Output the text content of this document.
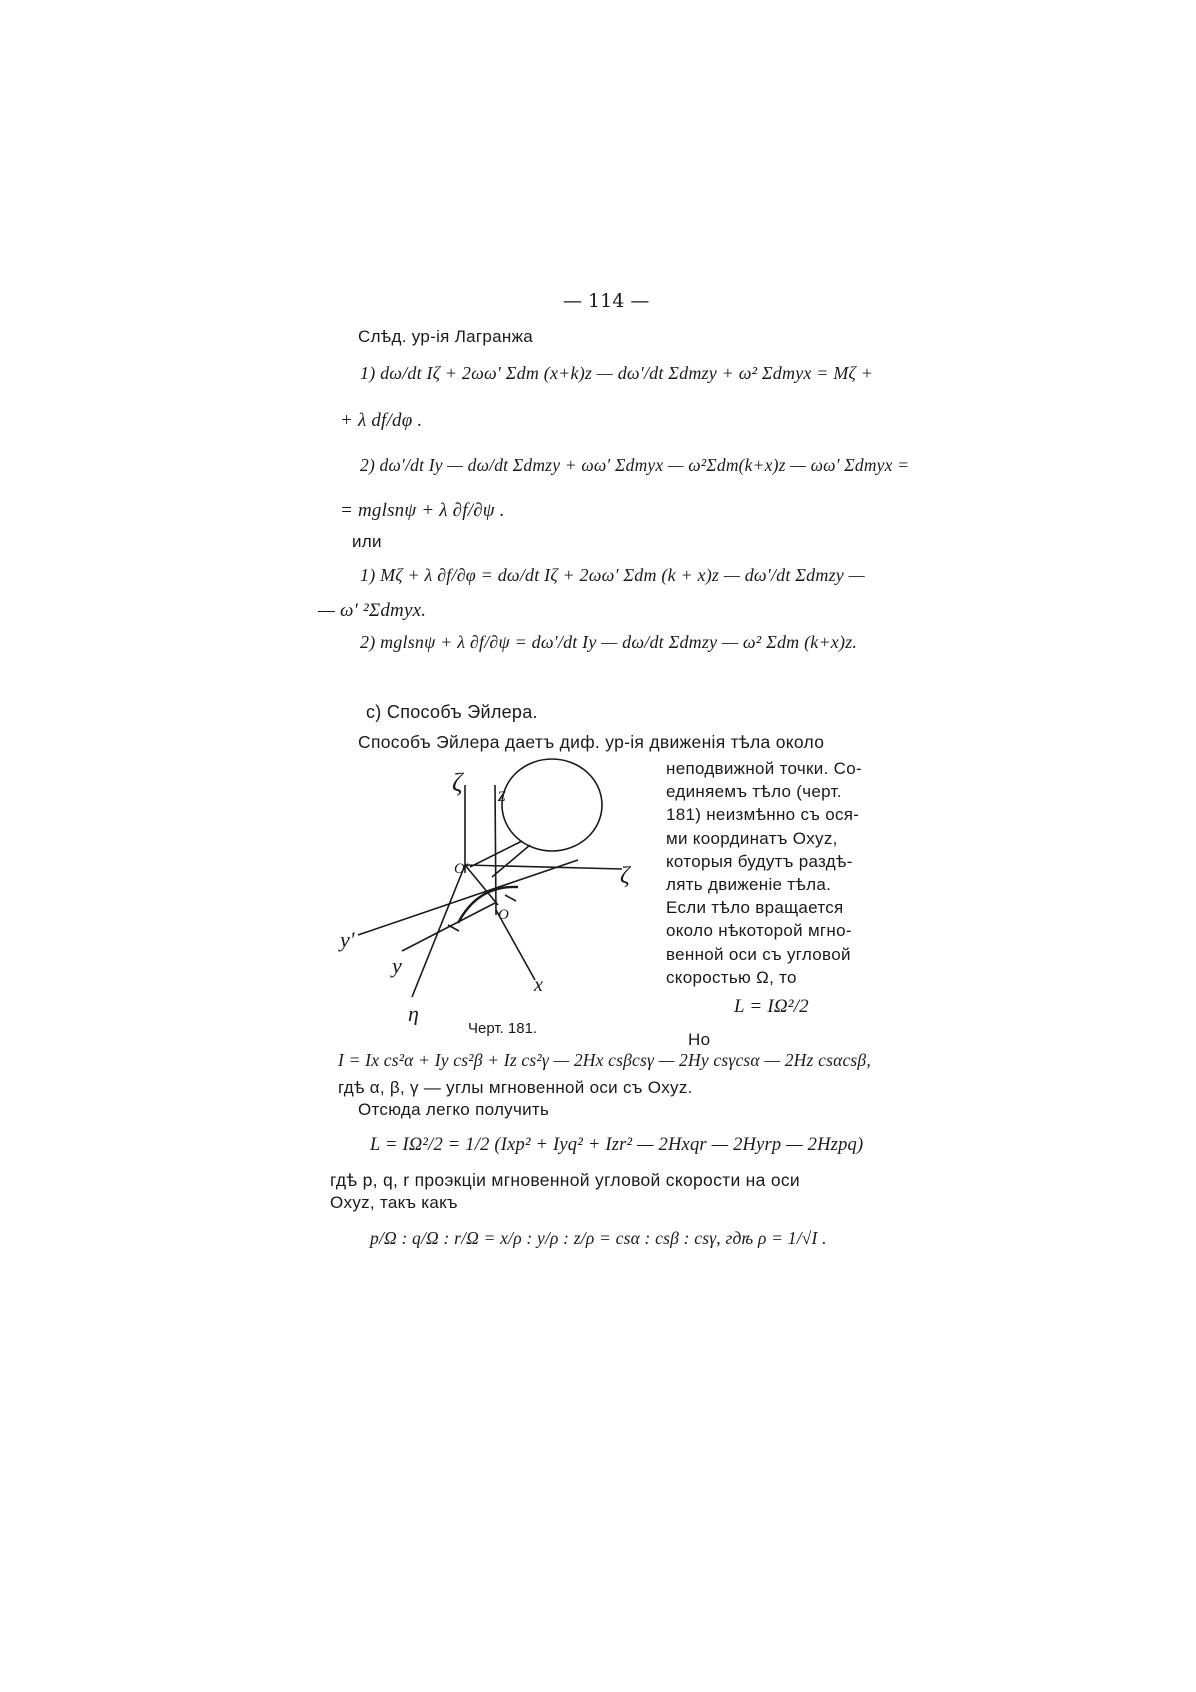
— 114 —
Слѣд. ур-iя Лагранжа
1) dω/dt Iζ + 2ωω′ Σdm (x+k)z — dω′/dt Σdmzy + ω² Σdmyx = Mζ +
+ λ df/dφ .
2) dω′/dt Iy — dω/dt Σdmzy + ωω′ Σdmyx — ω²Σdm(k+x)z — ωω′ Σdmyx =
= mglsnψ + λ ∂f/∂ψ .
или
1) Mζ + λ ∂f/∂φ = dω/dt Iζ + 2ωω′ Σdm (k + x)z — dω′/dt Σdmzy —
— ω′ ²Σdmyx.
2) mglsnψ + λ ∂f/∂ψ = dω′/dt Iy — dω/dt Σdmzy — ω² Σdm (k+x)z.
с) Способъ Эйлера.
Способъ Эйлера даетъ диф. ур-iя движенiя тѣла около
неподвижной точки. Со-
единяемъ тѣло (черт.
181) неизмѣнно съ ося-
ми координатъ Oxyz,
которыя будутъ раздѣ-
лять движенiе тѣла.
Если тѣло вращается
около нѣкоторой мгно-
венной оси съ угловой
скоростью Ω, то
L = IΩ²/2
Но
ζ z
O'
O
ζ
y'
y
η
x
Черт. 181.
I = Ix cs²α + Iy cs²β + Iz cs²γ — 2Hx csβcsγ — 2Hy csγcsα — 2Hz csαcsβ,
гдѣ α, β, γ — углы мгновенной оси съ Oxyz.
Отсюда легко получить
L = IΩ²/2 = 1/2 (Ixp² + Iyq² + Izr² — 2Hxqr — 2Hyrp — 2Hzpq)
гдѣ p, q, r проэкцiи мгновенной угловой скорости на оси
Oxyz, такъ какъ
p/Ω : q/Ω : r/Ω = x/ρ : y/ρ : z/ρ = csα : csβ : csγ, гдѣ ρ = 1/√I .
